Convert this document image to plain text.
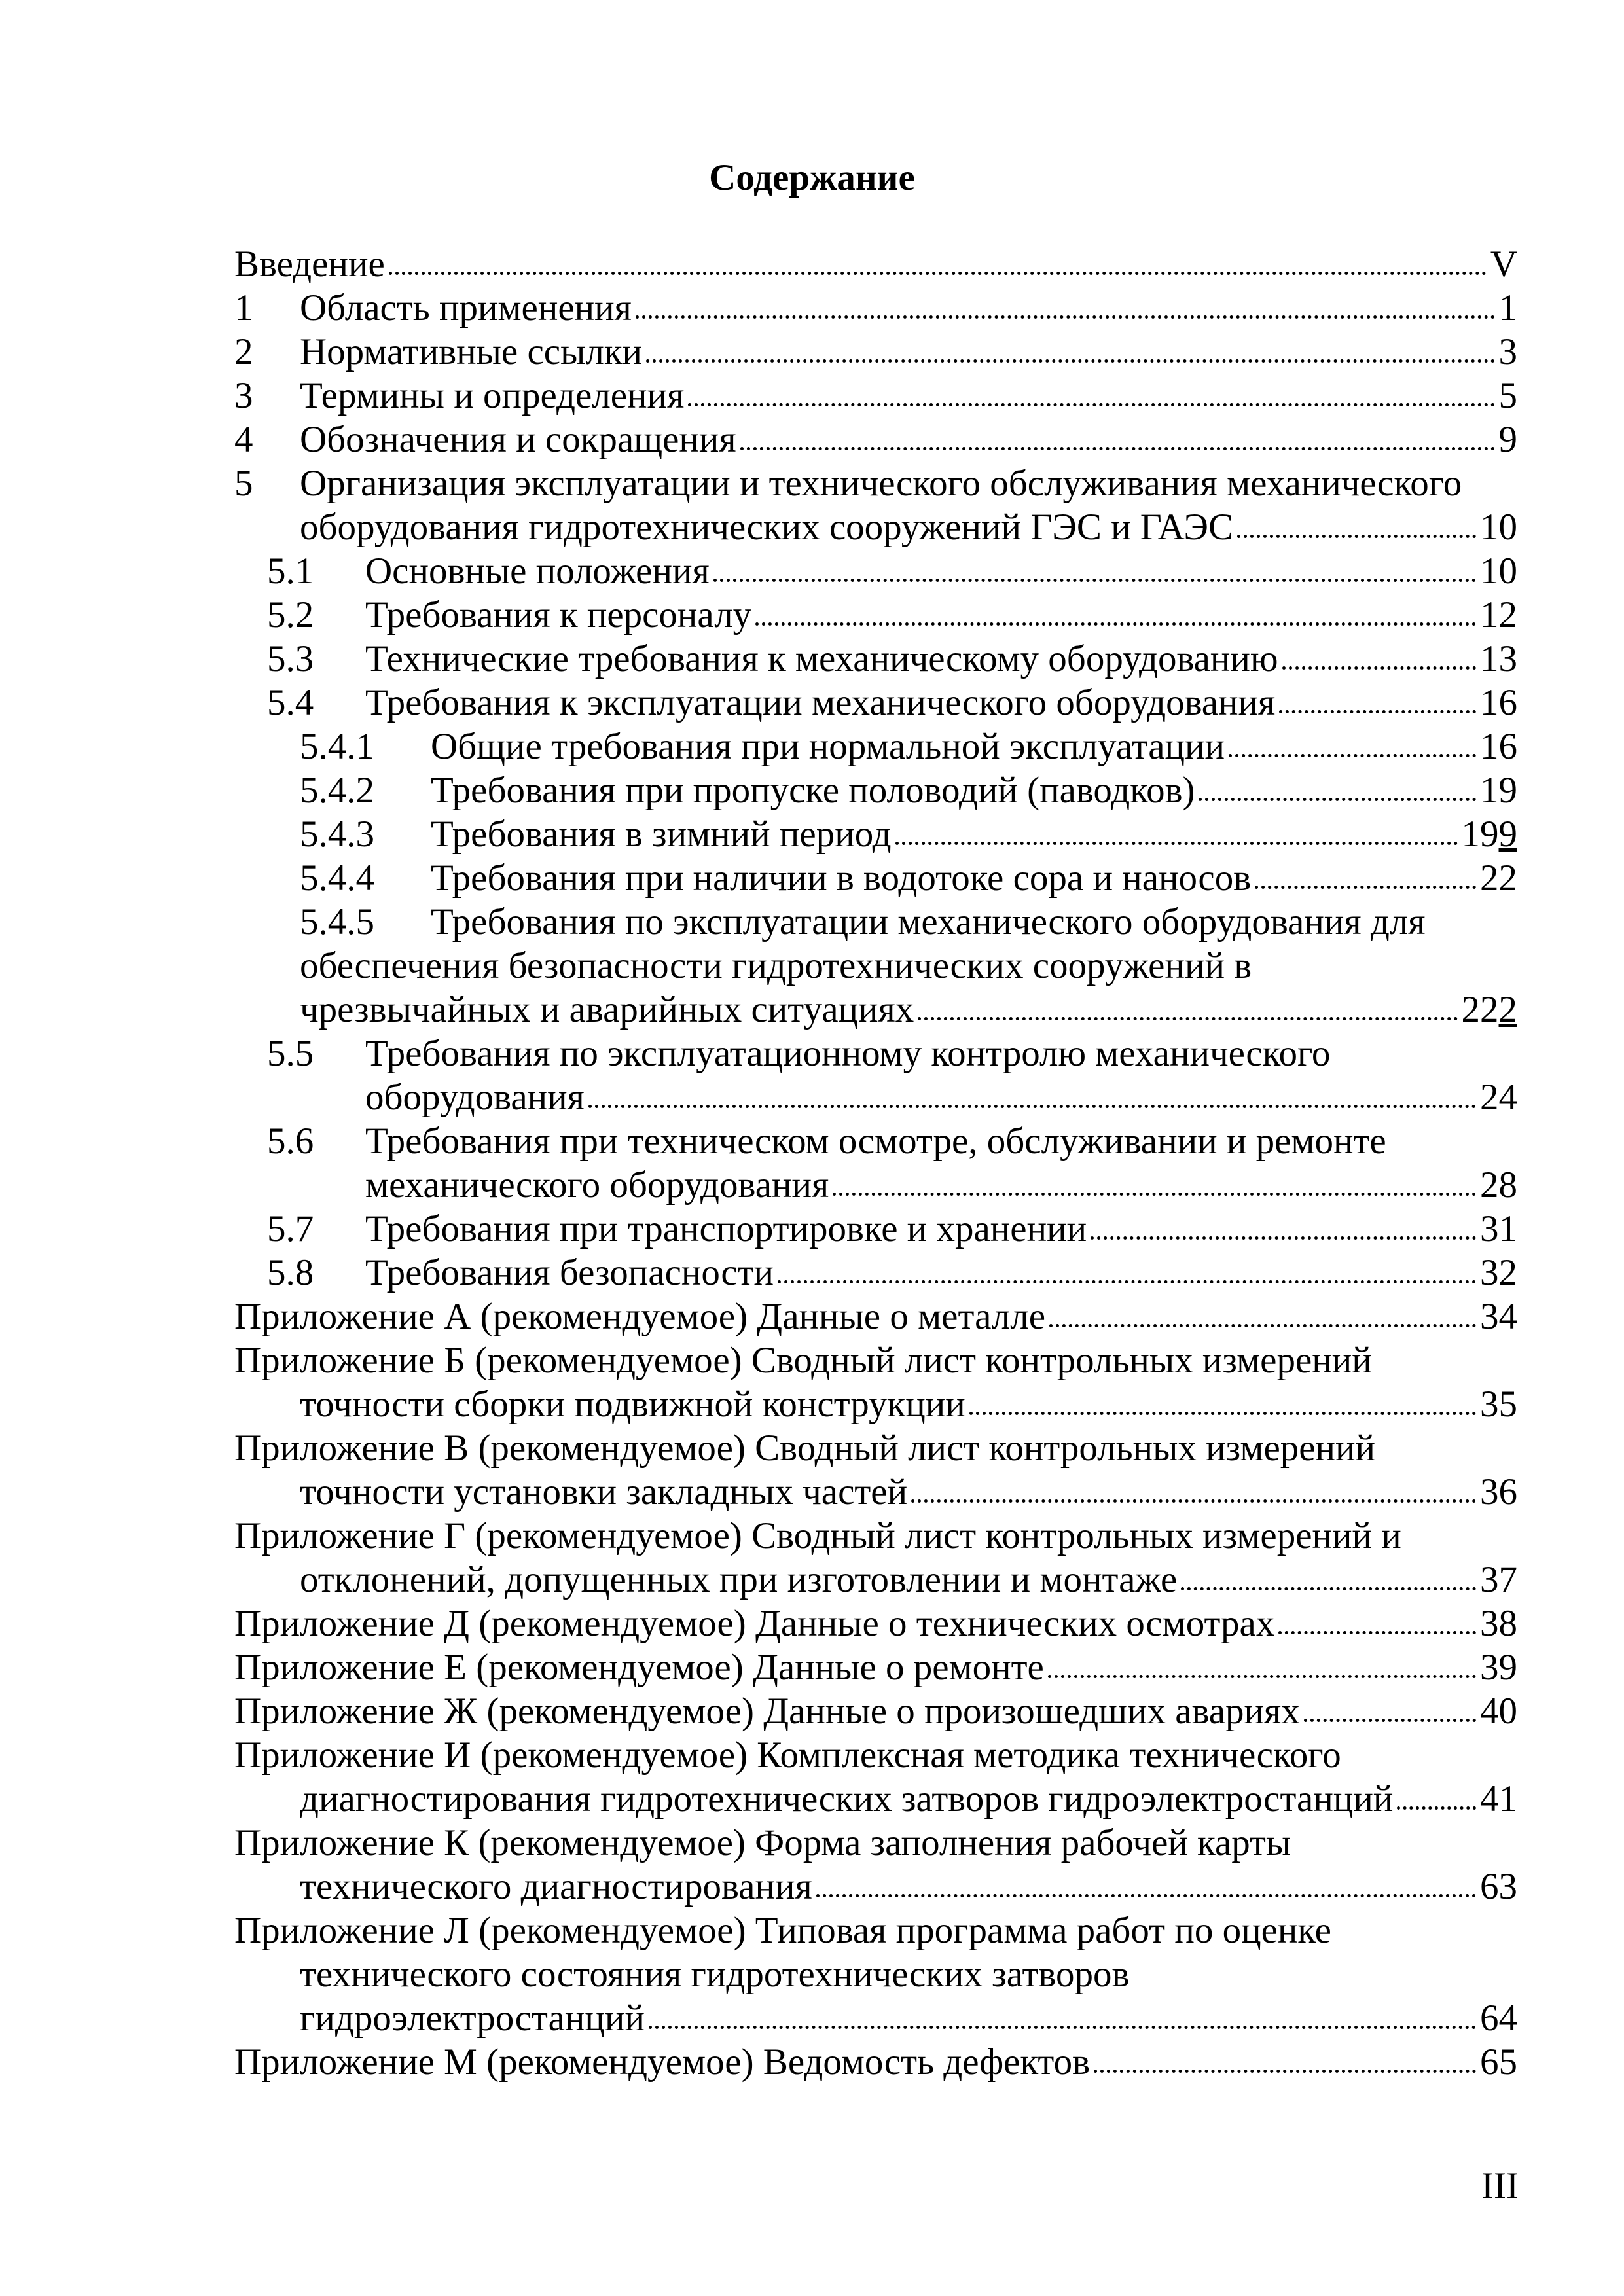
Содержание
Введение	V
1	Область применения	1
2	Нормативные ссылки	3
3	Термины и определения	5
4	Обозначения и сокращения	9
5	Организация эксплуатации и технического обслуживания механического
оборудования гидротехнических сооружений ГЭС и ГАЭС	10
5.1	Основные положения	10
5.2	Требования к персоналу	12
5.3	Технические требования к механическому оборудованию	13
5.4	Требования к эксплуатации механического оборудования	16
5.4.1	Общие требования при нормальной эксплуатации	16
5.4.2	Требования при пропуске половодий (паводков)	19
5.4.3	Требования в зимний период	199
5.4.4	Требования при наличии в водотоке сора и наносов	22
5.4.5	Требования по эксплуатации механического оборудования для
обеспечения безопасности гидротехнических сооружений в
чрезвычайных и аварийных ситуациях	222
5.5	Требования по эксплуатационному контролю механического
оборудования	24
5.6	Требования при техническом осмотре, обслуживании и ремонте
механического оборудования	28
5.7	Требования при транспортировке и хранении	31
5.8	Требования безопасности	32
Приложение А (рекомендуемое) Данные о металле	34
Приложение Б (рекомендуемое) Сводный лист контрольных измерений
точности сборки подвижной конструкции	35
Приложение В (рекомендуемое) Сводный лист контрольных измерений
точности установки закладных частей	36
Приложение Г (рекомендуемое) Сводный лист контрольных измерений и
отклонений, допущенных при изготовлении и монтаже	37
Приложение Д (рекомендуемое) Данные о технических осмотрах	38
Приложение Е (рекомендуемое) Данные о ремонте	39
Приложение Ж (рекомендуемое) Данные о произошедших авариях	40
Приложение И (рекомендуемое) Комплексная методика технического
диагностирования гидротехнических затворов гидроэлектростанций 41
Приложение К (рекомендуемое) Форма заполнения рабочей карты
технического диагностирования	63
Приложение Л (рекомендуемое) Типовая программа работ по оценке
технического состояния гидротехнических затворов
гидроэлектростанций	64
Приложение М (рекомендуемое) Ведомость дефектов	65
III
